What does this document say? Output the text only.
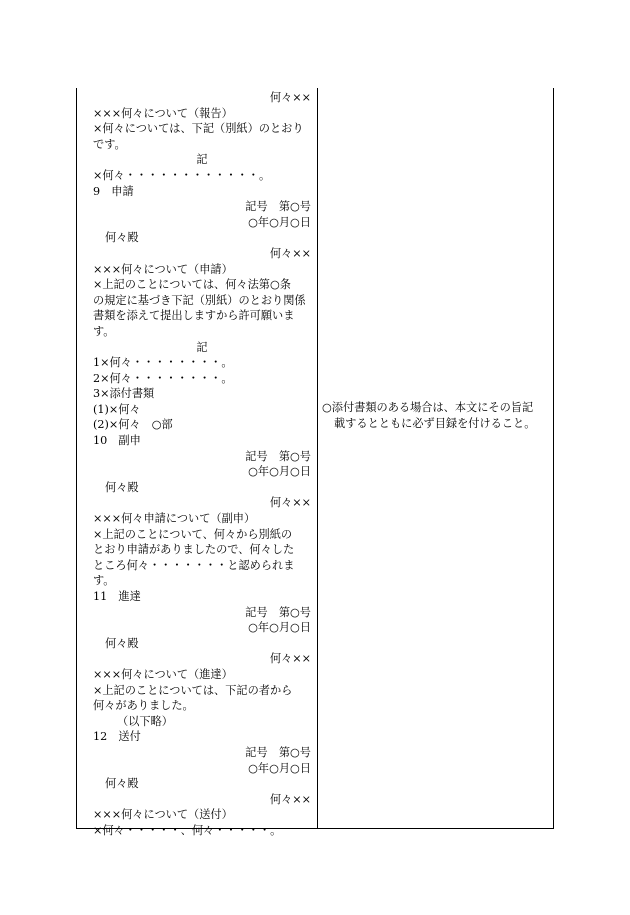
何々××
×××何々について（報告）
×何々については、下記（別紙）のとおり
です。
記
×何々・・・・・・・・・・・・。
9　申請
記号　第○号
○年○月○日
何々殿
何々××
×××何々について（申請）
×上記のことについては、何々法第○条
の規定に基づき下記（別紙）のとおり関係
書類を添えて提出しますから許可願いま
す。
記
1×何々・・・・・・・・。
2×何々・・・・・・・・。
3×添付書類
(1)×何々
(2)×何々　○部
10　副申
記号　第○号
○年○月○日
何々殿
何々××
×××何々申請について（副申）
×上記のことについて、何々から別紙の
とおり申請がありましたので、何々した
ところ何々・・・・・・・と認められま
す。
11　進達
記号　第○号
○年○月○日
何々殿
何々××
×××何々について（進達）
×上記のことについては、下記の者から
何々がありました。
（以下略）
12　送付
記号　第○号
○年○月○日
何々殿
何々××
×××何々について（送付）
×何々・・・・・、何々・・・・・。
○添付書類のある場合は、本文にその旨記
載するとともに必ず目録を付けること。
